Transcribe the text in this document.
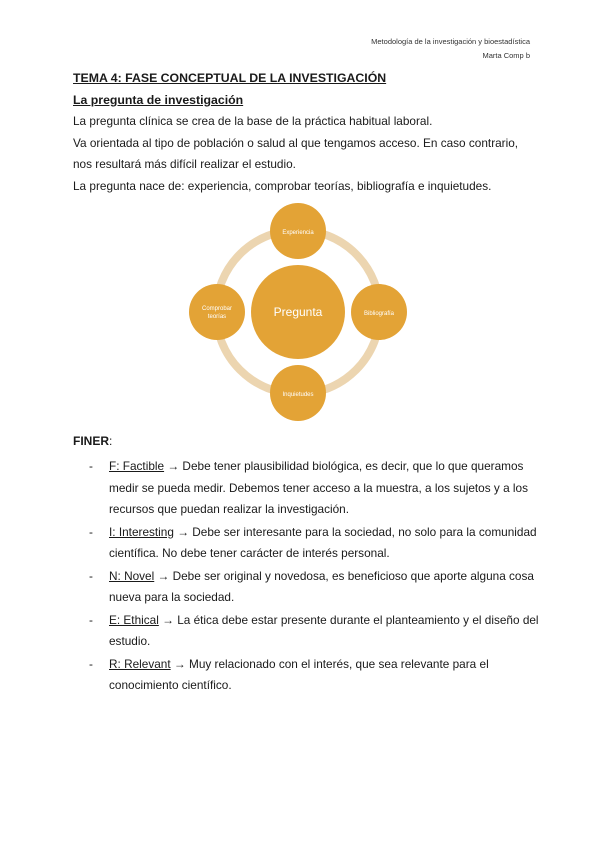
Metodología de la investigación y bioestadística
Marta Comp b

TEMA 4: FASE CONCEPTUAL DE LA INVESTIGACIÓN

La pregunta de investigación

La pregunta clínica se crea de la base de la práctica habitual laboral.

Va orientada al tipo de población o salud al que tengamos acceso. En caso contrario, nos resultará más difícil realizar el estudio.

La pregunta nace de: experiencia, comprobar teorías, bibliografía e inquietudes.

Pregunta
Experiencia
Bibliografía
Inquietudes
Comprobar
teorías
FINER:
- F: Factible → Debe tener plausibilidad biológica, es decir, que lo que queramos medir se pueda medir. Debemos tener acceso a la muestra, a los sujetos y a los recursos que puedan realizar la investigación.
- I: Interesting → Debe ser interesante para la sociedad, no solo para la comunidad científica. No debe tener carácter de interés personal.
- N: Novel → Debe ser original y novedosa, es beneficioso que aporte alguna cosa nueva para la sociedad.
- E: Ethical → La ética debe estar presente durante el planteamiento y el diseño del estudio.
- R: Relevant → Muy relacionado con el interés, que sea relevante para el conocimiento científico.
